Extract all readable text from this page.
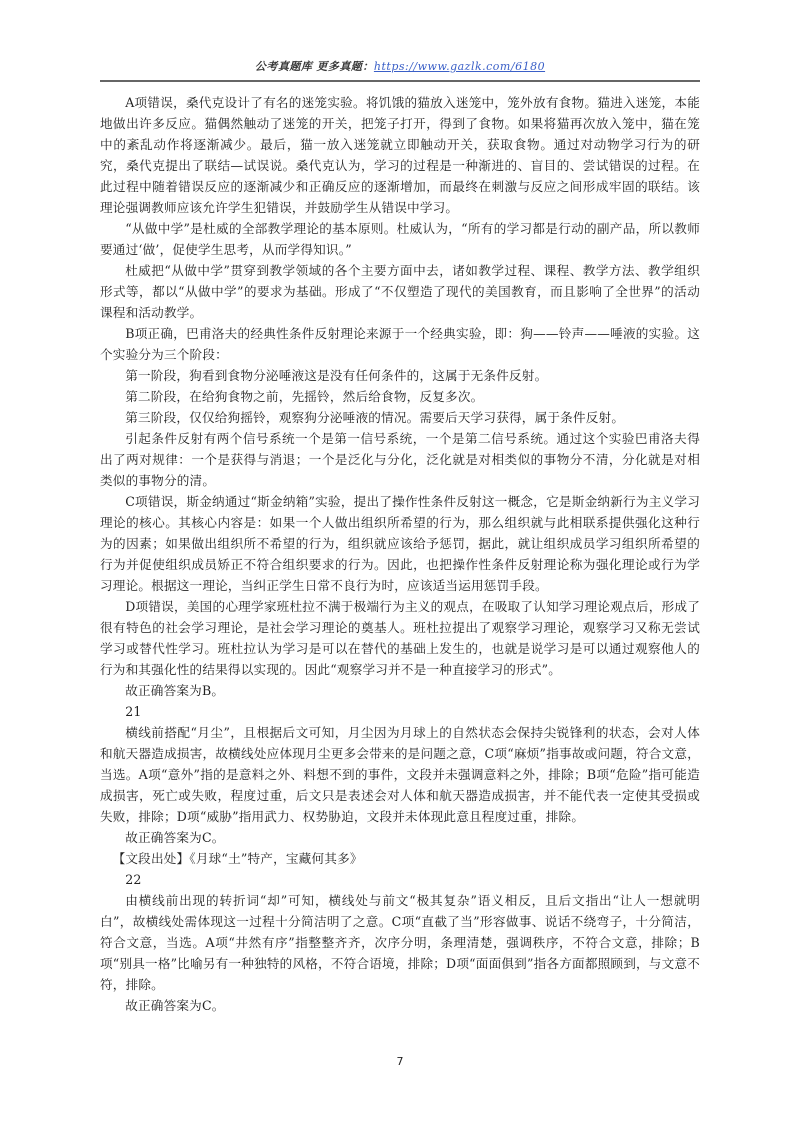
公考真题库 更多真题：https://www.gazlk.com/6180

A项错误，桑代克设计了有名的迷笼实验。将饥饿的猫放入迷笼中，笼外放有食物。猫进入迷笼，本能地做出许多反应。猫偶然触动了迷笼的开关，把笼子打开，得到了食物。如果将猫再次放入笼中，猫在笼中的紊乱动作将逐渐减少。最后，猫一放入迷笼就立即触动开关，获取食物。通过对动物学习行为的研究，桑代克提出了联结—试误说。桑代克认为，学习的过程是一种渐进的、盲目的、尝试错误的过程。在此过程中随着错误反应的逐渐减少和正确反应的逐渐增加，而最终在刺激与反应之间形成牢固的联结。该理论强调教师应该允许学生犯错误，并鼓励学生从错误中学习。

“从做中学”是杜威的全部教学理论的基本原则。杜威认为，“所有的学习都是行动的副产品，所以教师要通过‘做’，促使学生思考，从而学得知识。”

杜威把“从做中学”贯穿到教学领域的各个主要方面中去，诸如教学过程、课程、教学方法、教学组织形式等，都以“从做中学”的要求为基础。形成了“不仅塑造了现代的美国教育，而且影响了全世界”的活动课程和活动教学。

B项正确，巴甫洛夫的经典性条件反射理论来源于一个经典实验，即：狗——铃声——唾液的实验。这个实验分为三个阶段：

第一阶段，狗看到食物分泌唾液这是没有任何条件的，这属于无条件反射。

第二阶段，在给狗食物之前，先摇铃，然后给食物，反复多次。

第三阶段，仅仅给狗摇铃，观察狗分泌唾液的情况。需要后天学习获得，属于条件反射。

引起条件反射有两个信号系统一个是第一信号系统，一个是第二信号系统。通过这个实验巴甫洛夫得出了两对规律：一个是获得与消退；一个是泛化与分化，泛化就是对相类似的事物分不清，分化就是对相类似的事物分的清。

C项错误，斯金纳通过“斯金纳箱”实验，提出了操作性条件反射这一概念，它是斯金纳新行为主义学习理论的核心。其核心内容是：如果一个人做出组织所希望的行为，那么组织就与此相联系提供强化这种行为的因素；如果做出组织所不希望的行为，组织就应该给予惩罚，据此，就让组织成员学习组织所希望的行为并促使组织成员矫正不符合组织要求的行为。因此，也把操作性条件反射理论称为强化理论或行为学习理论。根据这一理论，当纠正学生日常不良行为时，应该适当运用惩罚手段。

D项错误，美国的心理学家班杜拉不满于极端行为主义的观点，在吸取了认知学习理论观点后，形成了很有特色的社会学习理论，是社会学习理论的奠基人。班杜拉提出了观察学习理论，观察学习又称无尝试学习或替代性学习。班杜拉认为学习是可以在替代的基础上发生的，也就是说学习是可以通过观察他人的行为和其强化性的结果得以实现的。因此“观察学习并不是一种直接学习的形式”。

故正确答案为B。

21

横线前搭配“月尘”，且根据后文可知，月尘因为月球上的自然状态会保持尖锐锋利的状态，会对人体和航天器造成损害，故横线处应体现月尘更多会带来的是问题之意，C项“麻烦”指事故或问题，符合文意，当选。A项“意外”指的是意料之外、料想不到的事件，文段并未强调意料之外，排除；B项“危险”指可能造成损害，死亡或失败，程度过重，后文只是表述会对人体和航天器造成损害，并不能代表一定使其受损或失败，排除；D项“威胁”指用武力、权势胁迫，文段并未体现此意且程度过重，排除。

故正确答案为C。

【文段出处】《月球“土”特产，宝藏何其多》

22

由横线前出现的转折词“却”可知，横线处与前文“极其复杂”语义相反，且后文指出“让人一想就明白”，故横线处需体现这一过程十分简洁明了之意。C项“直截了当”形容做事、说话不绕弯子，十分简洁，符合文意，当选。A项“井然有序”指整整齐齐，次序分明，条理清楚，强调秩序，不符合文意，排除；B项“别具一格”比喻另有一种独特的风格，不符合语境，排除；D项“面面俱到”指各方面都照顾到，与文意不符，排除。

故正确答案为C。

7
